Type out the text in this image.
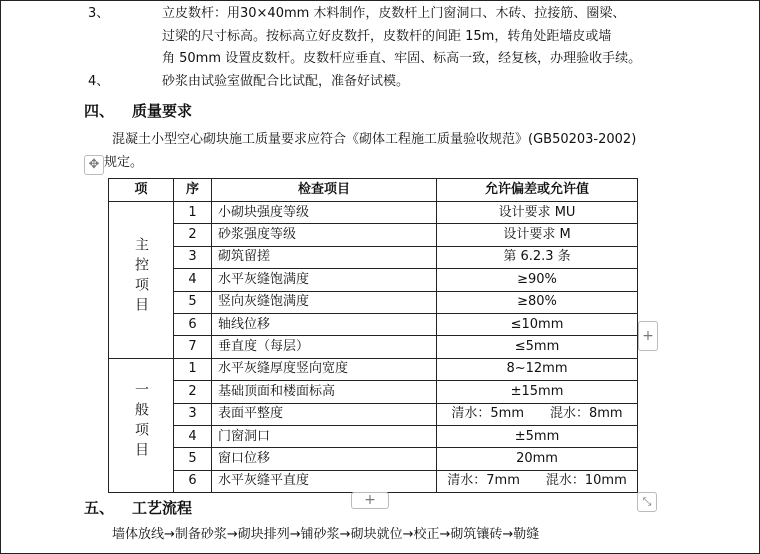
3、	立皮数杆：用30×40mm 木料制作，皮数杆上门窗洞口、木砖、拉接筋、圈梁、
过梁的尺寸标高。按标高立好皮数扦，皮数杆的间距 15m，转角处距墙皮或墙
角 50mm 设置皮数杆。皮数杆应垂直、牢固、标高一致，经复核，办理验收手续。
4、	砂浆由试验室做配合比试配，准备好试模。
四、 质量要求
混凝土小型空心砌块施工质量要求应符合《砌体工程施工质量验收规范》(GB50203-2002)
规定。
✥
项	序	检查项目	允许偏差或允许值
主控项目	1	小砌块强度等级	设计要求 MU
	2	砂浆强度等级	设计要求 M
	3	砌筑留搓	第 6.2.3 条
	4	水平灰缝饱满度	≥90%
	5	竖向灰缝饱满度	≥80%
	6	轴线位移	≤10mm
	7	垂直度（每层）	≤5mm
一般项目	1	水平灰缝厚度竖向宽度	8~12mm
	2	基础顶面和楼面标高	±15mm
	3	表面平整度	清水：5mm　　混水：8mm
	4	门窗洞口	±5mm
	5	窗口位移	20mm
	6	水平灰缝平直度	清水：7mm　　混水：10mm
+
+	⤡
五、 工艺流程
墙体放线→制备砂浆→砌块排列→铺砂浆→砌块就位→校正→砌筑镶砖→勒缝
